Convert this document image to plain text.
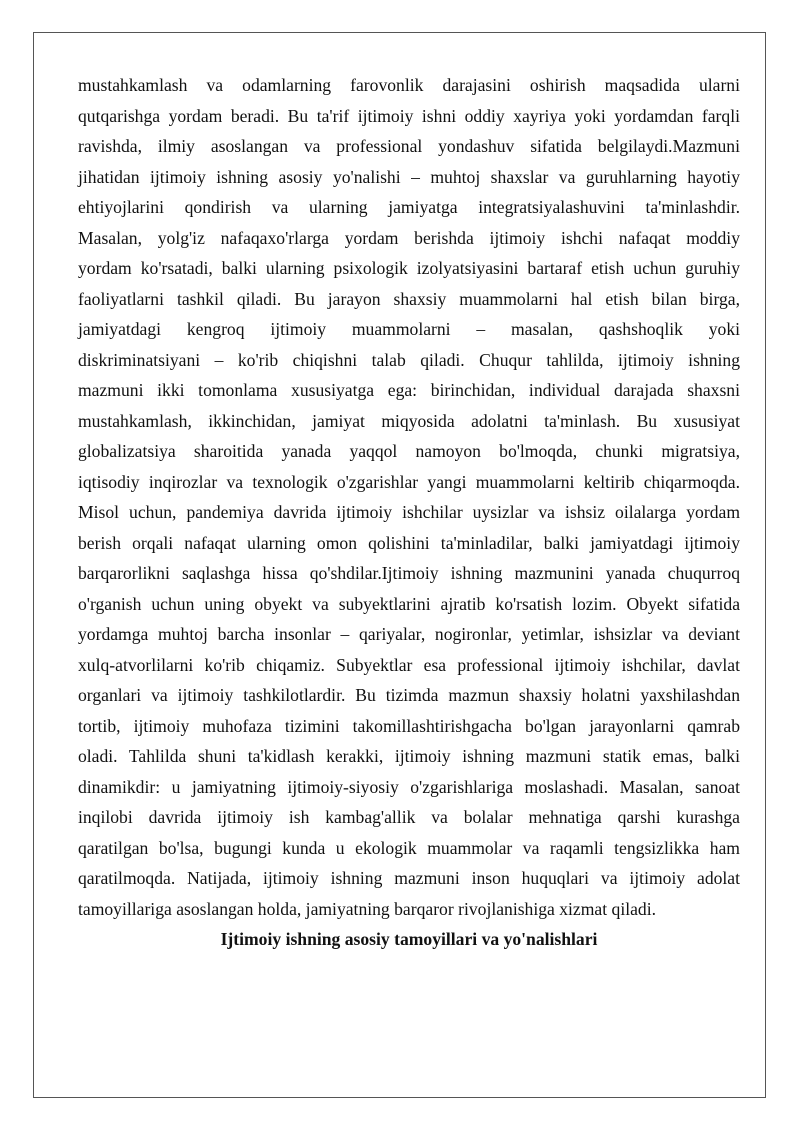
mustahkamlash va odamlarning farovonlik darajasini oshirish maqsadida ularni
qutqarishga yordam beradi. Bu ta'rif ijtimoiy ishni oddiy xayriya yoki yordamdan farqli
ravishda, ilmiy asoslangan va professional yondashuv sifatida belgilaydi.Mazmuni
jihatidan ijtimoiy ishning asosiy yo'nalishi – muhtoj shaxslar va guruhlarning hayotiy
ehtiyojlarini qondirish va ularning jamiyatga integratsiyalashuvini ta'minlashdir.
Masalan, yolg'iz nafaqaxo'rlarga yordam berishda ijtimoiy ishchi nafaqat moddiy
yordam ko'rsatadi, balki ularning psixologik izolyatsiyasini bartaraf etish uchun guruhiy
faoliyatlarni tashkil qiladi. Bu jarayon shaxsiy muammolarni hal etish bilan birga,
jamiyatdagi kengroq ijtimoiy muammolarni – masalan, qashshoqlik yoki
diskriminatsiyani – ko'rib chiqishni talab qiladi. Chuqur tahlilda, ijtimoiy ishning
mazmuni ikki tomonlama xususiyatga ega: birinchidan, individual darajada shaxsni
mustahkamlash, ikkinchidan, jamiyat miqyosida adolatni ta'minlash. Bu xususiyat
globalizatsiya sharoitida yanada yaqqol namoyon bo'lmoqda, chunki migratsiya,
iqtisodiy inqirozlar va texnologik o'zgarishlar yangi muammolarni keltirib chiqarmoqda.
Misol uchun, pandemiya davrida ijtimoiy ishchilar uysizlar va ishsiz oilalarga yordam
berish orqali nafaqat ularning omon qolishini ta'minladilar, balki jamiyatdagi ijtimoiy
barqarorlikni saqlashga hissa qo'shdilar.Ijtimoiy ishning mazmunini yanada chuqurroq
o'rganish uchun uning obyekt va subyektlarini ajratib ko'rsatish lozim. Obyekt sifatida
yordamga muhtoj barcha insonlar – qariyalar, nogironlar, yetimlar, ishsizlar va deviant
xulq-atvorlilarni ko'rib chiqamiz. Subyektlar esa professional ijtimoiy ishchilar, davlat
organlari va ijtimoiy tashkilotlardir. Bu tizimda mazmun shaxsiy holatni yaxshilashdan
tortib, ijtimoiy muhofaza tizimini takomillashtirishgacha bo'lgan jarayonlarni qamrab
oladi. Tahlilda shuni ta'kidlash kerakki, ijtimoiy ishning mazmuni statik emas, balki
dinamikdir: u jamiyatning ijtimoiy-siyosiy o'zgarishlariga moslashadi. Masalan, sanoat
inqilobi davrida ijtimoiy ish kambag'allik va bolalar mehnatiga qarshi kurashga
qaratilgan bo'lsa, bugungi kunda u ekologik muammolar va raqamli tengsizlikka ham
qaratilmoqda. Natijada, ijtimoiy ishning mazmuni inson huquqlari va ijtimoiy adolat
tamoyillariga asoslangan holda, jamiyatning barqaror rivojlanishiga xizmat qiladi.
Ijtimoiy ishning asosiy tamoyillari va yo'nalishlari
